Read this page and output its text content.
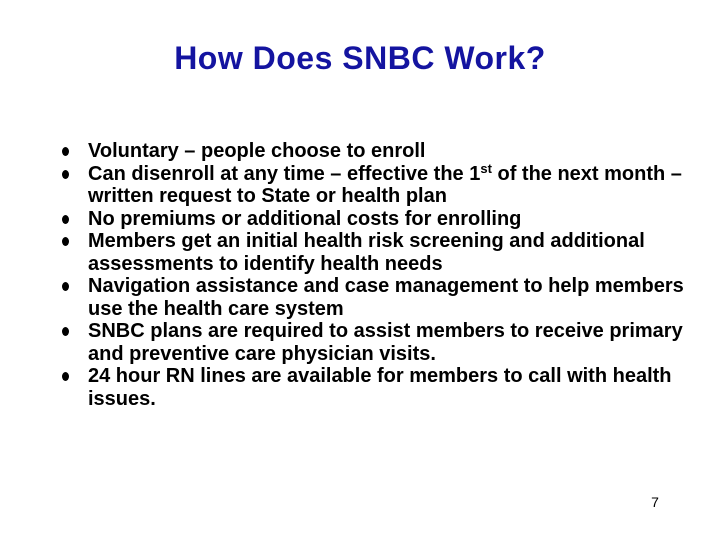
How Does SNBC Work?
Voluntary – people choose to enroll
Can disenroll at any time – effective the 1st of the next month – written request to State or health plan
No premiums or additional costs for enrolling
Members get an initial health risk screening and additional assessments to identify health needs
Navigation assistance and case management to help members use the health care system
SNBC plans are required to assist members to receive primary and preventive care physician visits.
24 hour RN lines are available for members to call with health issues.
7
